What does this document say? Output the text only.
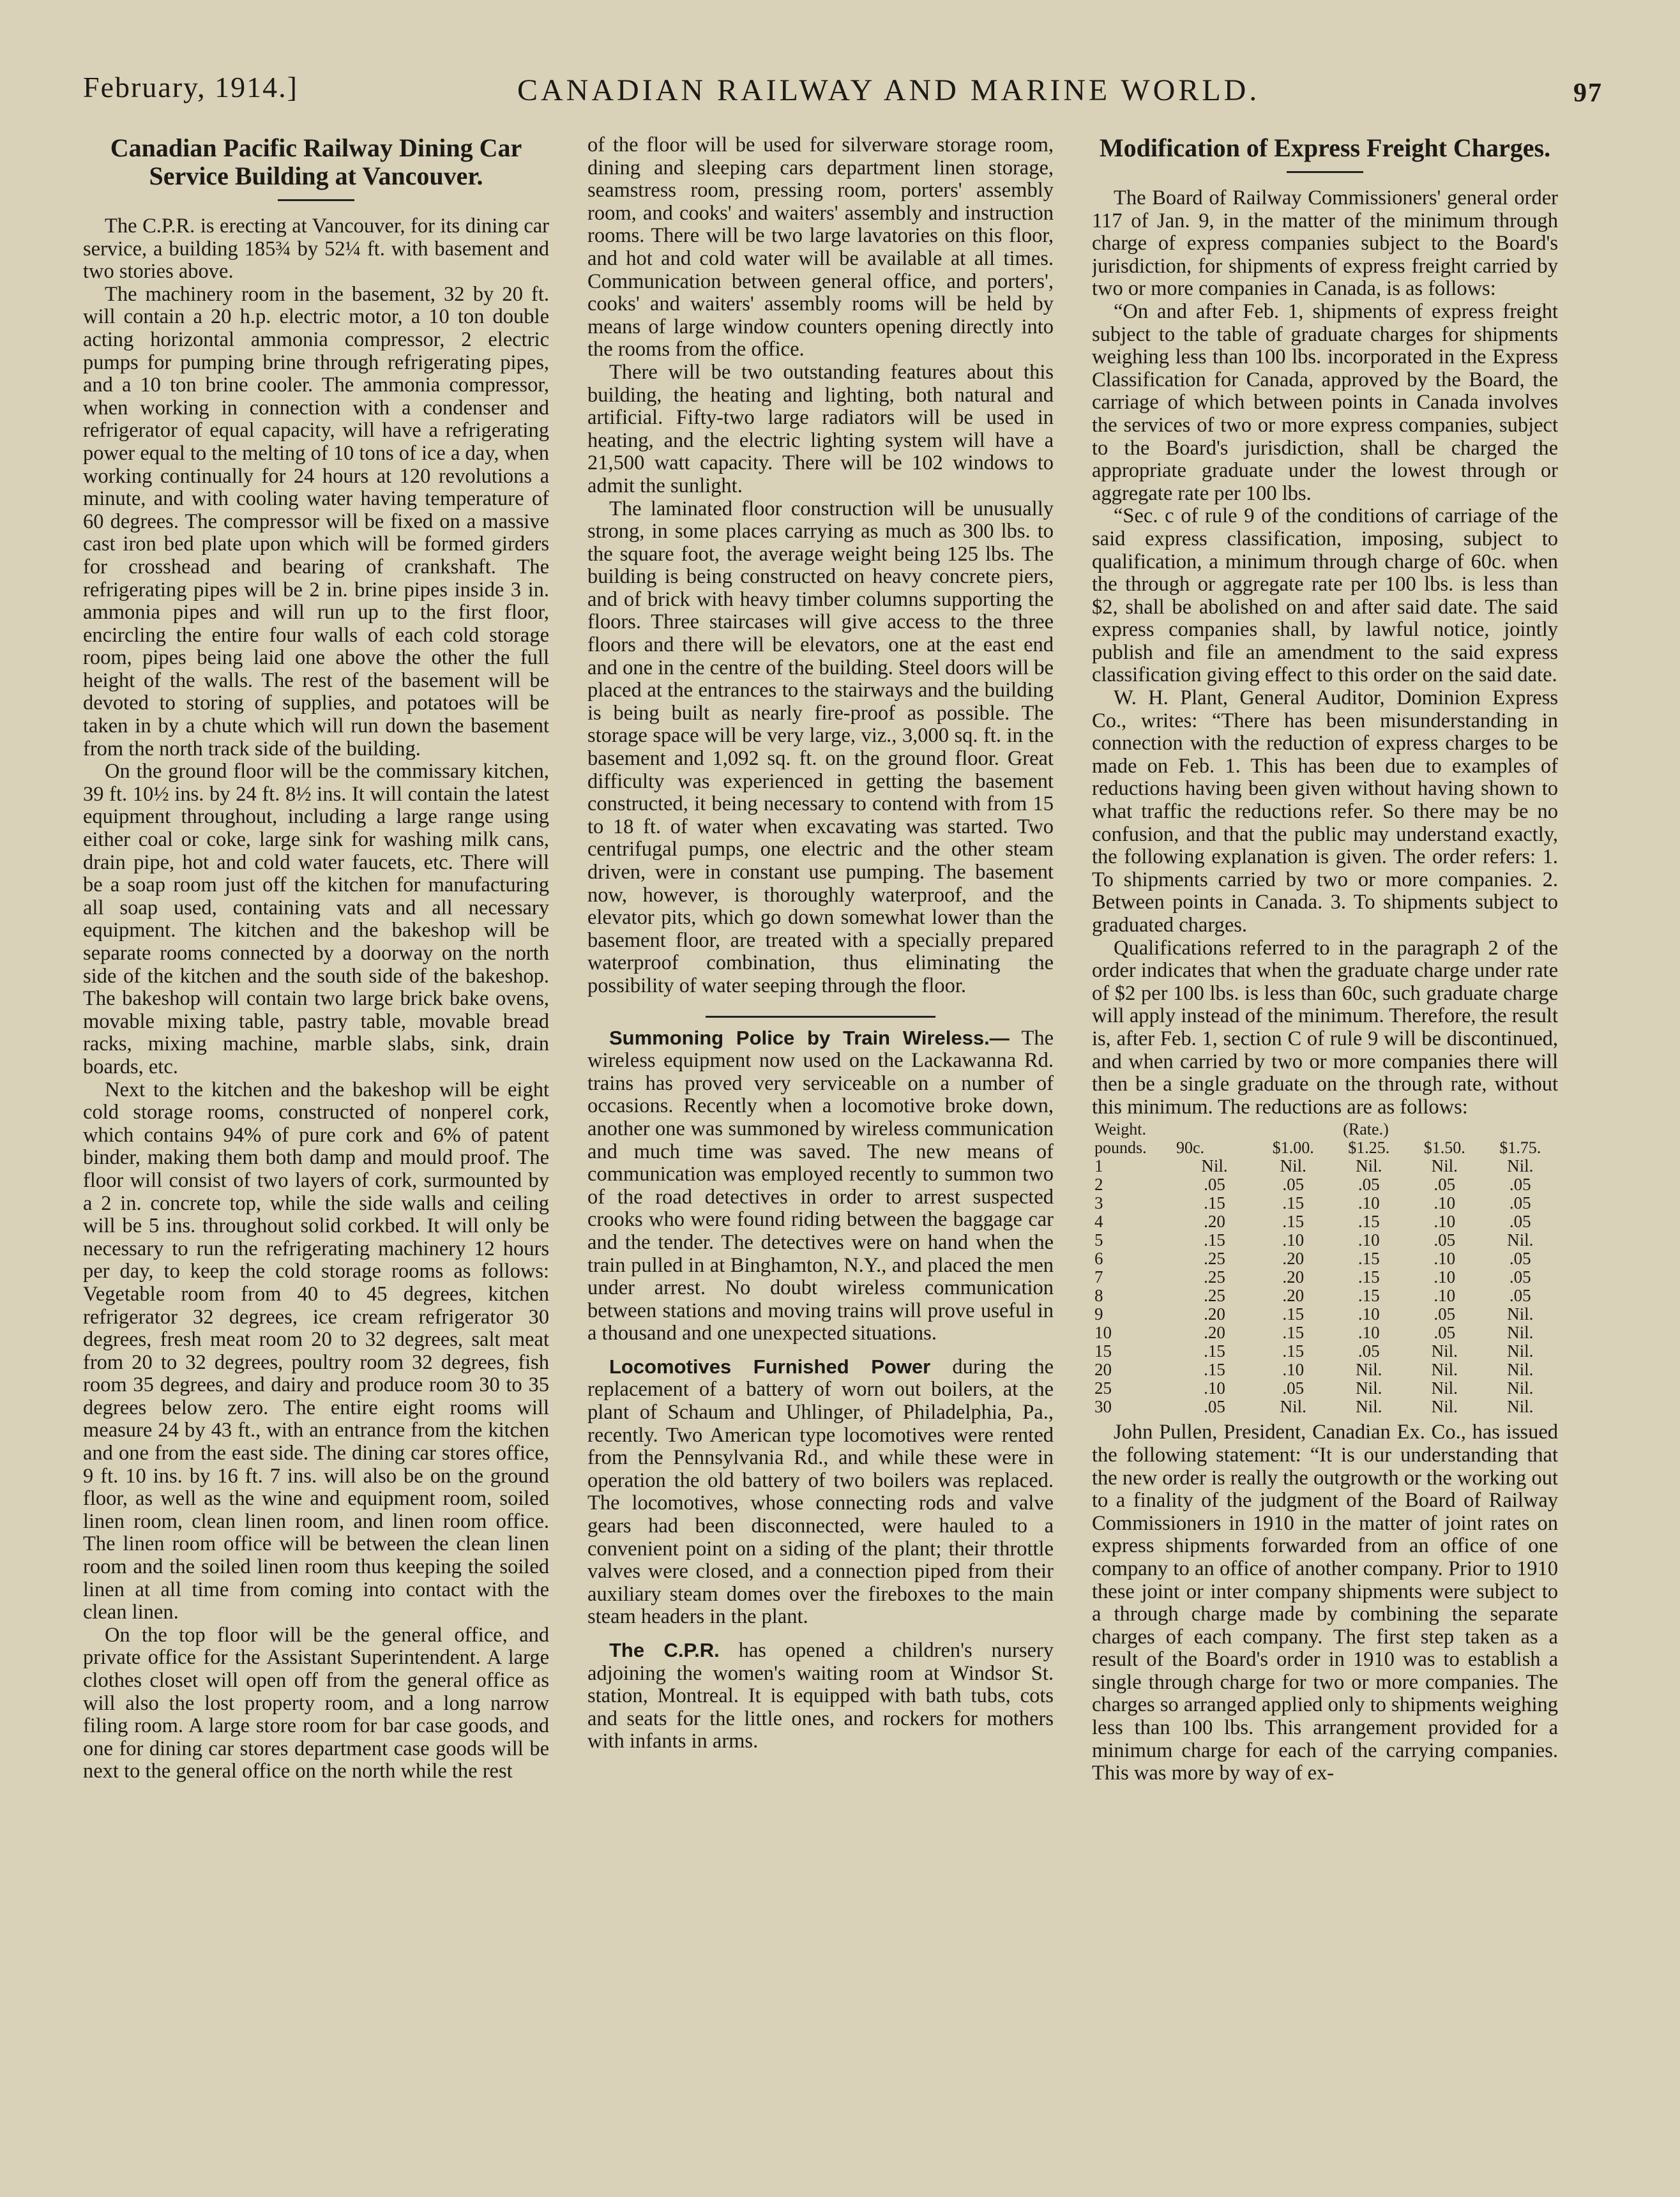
February, 1914.]	CANADIAN RAILWAY AND MARINE WORLD.	97
Canadian Pacific Railway Dining Car Service Building at Vancouver.

The C.P.R. is erecting at Vancouver, for its dining car service, a building 185¾ by 52¼ ft. with basement and two stories above.

The machinery room in the basement, 32 by 20 ft. will contain a 20 h.p. electric motor, a 10 ton double acting horizontal ammonia compressor, 2 electric pumps for pumping brine through refrigerating pipes, and a 10 ton brine cooler. The ammonia compressor, when working in connection with a condenser and refrigerator of equal capacity, will have a refrigerating power equal to the melting of 10 tons of ice a day, when working continually for 24 hours at 120 revolutions a minute, and with cooling water having temperature of 60 degrees. The compressor will be fixed on a massive cast iron bed plate upon which will be formed girders for crosshead and bearing of crankshaft. The refrigerating pipes will be 2 in. brine pipes inside 3 in. ammonia pipes and will run up to the first floor, encircling the entire four walls of each cold storage room, pipes being laid one above the other the full height of the walls. The rest of the basement will be devoted to storing of supplies, and potatoes will be taken in by a chute which will run down the basement from the north track side of the building.

On the ground floor will be the commissary kitchen, 39 ft. 10½ ins. by 24 ft. 8½ ins. It will contain the latest equipment throughout, including a large range using either coal or coke, large sink for washing milk cans, drain pipe, hot and cold water faucets, etc. There will be a soap room just off the kitchen for manufacturing all soap used, containing vats and all necessary equipment. The kitchen and the bakeshop will be separate rooms connected by a doorway on the north side of the kitchen and the south side of the bakeshop. The bakeshop will contain two large brick bake ovens, movable mixing table, pastry table, movable bread racks, mixing machine, marble slabs, sink, drain boards, etc.

Next to the kitchen and the bakeshop will be eight cold storage rooms, constructed of nonperel cork, which contains 94% of pure cork and 6% of patent binder, making them both damp and mould proof. The floor will consist of two layers of cork, surmounted by a 2 in. concrete top, while the side walls and ceiling will be 5 ins. throughout solid corkbed. It will only be necessary to run the refrigerating machinery 12 hours per day, to keep the cold storage rooms as follows: Vegetable room from 40 to 45 degrees, kitchen refrigerator 32 degrees, ice cream refrigerator 30 degrees, fresh meat room 20 to 32 degrees, salt meat from 20 to 32 degrees, poultry room 32 degrees, fish room 35 degrees, and dairy and produce room 30 to 35 degrees below zero. The entire eight rooms will measure 24 by 43 ft., with an entrance from the kitchen and one from the east side. The dining car stores office, 9 ft. 10 ins. by 16 ft. 7 ins. will also be on the ground floor, as well as the wine and equipment room, soiled linen room, clean linen room, and linen room office. The linen room office will be between the clean linen room and the soiled linen room thus keeping the soiled linen at all time from coming into contact with the clean linen.

On the top floor will be the general office, and private office for the Assistant Superintendent. A large clothes closet will open off from the general office as will also the lost property room, and a long narrow filing room. A large store room for bar case goods, and one for dining car stores department case goods will be next to the general office on the north while the rest

of the floor will be used for silverware storage room, dining and sleeping cars department linen storage, seamstress room, pressing room, porters' assembly room, and cooks' and waiters' assembly and instruction rooms. There will be two large lavatories on this floor, and hot and cold water will be available at all times. Communication between general office, and porters', cooks' and waiters' assembly rooms will be held by means of large window counters opening directly into the rooms from the office.

There will be two outstanding features about this building, the heating and lighting, both natural and artificial. Fifty-two large radiators will be used in heating, and the electric lighting system will have a 21,500 watt capacity. There will be 102 windows to admit the sunlight.

The laminated floor construction will be unusually strong, in some places carrying as much as 300 lbs. to the square foot, the average weight being 125 lbs. The building is being constructed on heavy concrete piers, and of brick with heavy timber columns supporting the floors. Three staircases will give access to the three floors and there will be elevators, one at the east end and one in the centre of the building. Steel doors will be placed at the entrances to the stairways and the building is being built as nearly fire-proof as possible. The storage space will be very large, viz., 3,000 sq. ft. in the basement and 1,092 sq. ft. on the ground floor. Great difficulty was experienced in getting the basement constructed, it being necessary to contend with from 15 to 18 ft. of water when excavating was started. Two centrifugal pumps, one electric and the other steam driven, were in constant use pumping. The basement now, however, is thoroughly waterproof, and the elevator pits, which go down somewhat lower than the basement floor, are treated with a specially prepared waterproof combination, thus eliminating the possibility of water seeping through the floor.

Summoning Police by Train Wireless.— The wireless equipment now used on the Lackawanna Rd. trains has proved very serviceable on a number of occasions. Recently when a locomotive broke down, another one was summoned by wireless communication and much time was saved. The new means of communication was employed recently to summon two of the road detectives in order to arrest suspected crooks who were found riding between the baggage car and the tender. The detectives were on hand when the train pulled in at Binghamton, N.Y., and placed the men under arrest. No doubt wireless communication between stations and moving trains will prove useful in a thousand and one unexpected situations.

Locomotives Furnished Power during the replacement of a battery of worn out boilers, at the plant of Schaum and Uhlinger, of Philadelphia, Pa., recently. Two American type locomotives were rented from the Pennsylvania Rd., and while these were in operation the old battery of two boilers was replaced. The locomotives, whose connecting rods and valve gears had been disconnected, were hauled to a convenient point on a siding of the plant; their throttle valves were closed, and a connection piped from their auxiliary steam domes over the fireboxes to the main steam headers in the plant.

The C.P.R. has opened a children's nursery adjoining the women's waiting room at Windsor St. station, Montreal. It is equipped with bath tubs, cots and seats for the little ones, and rockers for mothers with infants in arms.

Modification of Express Freight Charges.

The Board of Railway Commissioners' general order 117 of Jan. 9, in the matter of the minimum through charge of express companies subject to the Board's jurisdiction, for shipments of express freight carried by two or more companies in Canada, is as follows:

“On and after Feb. 1, shipments of express freight subject to the table of graduate charges for shipments weighing less than 100 lbs. incorporated in the Express Classification for Canada, approved by the Board, the carriage of which between points in Canada involves the services of two or more express companies, subject to the Board's jurisdiction, shall be charged the appropriate graduate under the lowest through or aggregate rate per 100 lbs.

“Sec. c of rule 9 of the conditions of carriage of the said express classification, imposing, subject to qualification, a minimum through charge of 60c. when the through or aggregate rate per 100 lbs. is less than $2, shall be abolished on and after said date. The said express companies shall, by lawful notice, jointly publish and file an amendment to the said express classification giving effect to this order on the said date.

W. H. Plant, General Auditor, Dominion Express Co., writes: “There has been misunderstanding in connection with the reduction of express charges to be made on Feb. 1. This has been due to examples of reductions having been given without having shown to what traffic the reductions refer. So there may be no confusion, and that the public may understand exactly, the following explanation is given. The order refers: 1. To shipments carried by two or more companies. 2. Between points in Canada. 3. To shipments subject to graduated charges.

Qualifications referred to in the paragraph 2 of the order indicates that when the graduate charge under rate of $2 per 100 lbs. is less than 60c, such graduate charge will apply instead of the minimum. Therefore, the result is, after Feb. 1, section C of rule 9 will be discontinued, and when carried by two or more companies there will then be a single graduate on the through rate, without this minimum. The reductions are as follows:

Weight. pounds.	(Rate.)				
	90c.	$1.00.	$1.25.	$1.50.	$1.75.
1	Nil.	Nil.	Nil.	Nil.	Nil.
2	.05	.05	.05	.05	.05
3	.15	.15	.10	.10	.05
4	.20	.15	.15	.10	.05
5	.15	.10	.10	.05	Nil.
6	.25	.20	.15	.10	.05
7	.25	.20	.15	.10	.05
8	.25	.20	.15	.10	.05
9	.20	.15	.10	.05	Nil.
10	.20	.15	.10	.05	Nil.
15	.15	.15	.05	Nil.	Nil.
20	.15	.10	Nil.	Nil.	Nil.
25	.10	.05	Nil.	Nil.	Nil.
30	.05	Nil.	Nil.	Nil.	Nil.

John Pullen, President, Canadian Ex. Co., has issued the following statement: “It is our understanding that the new order is really the outgrowth or the working out to a finality of the judgment of the Board of Railway Commissioners in 1910 in the matter of joint rates on express shipments forwarded from an office of one company to an office of another company. Prior to 1910 these joint or inter company shipments were subject to a through charge made by combining the separate charges of each company. The first step taken as a result of the Board's order in 1910 was to establish a single through charge for two or more companies. The charges so arranged applied only to shipments weighing less than 100 lbs. This arrangement provided for a minimum charge for each of the carrying companies. This was more by way of ex-
